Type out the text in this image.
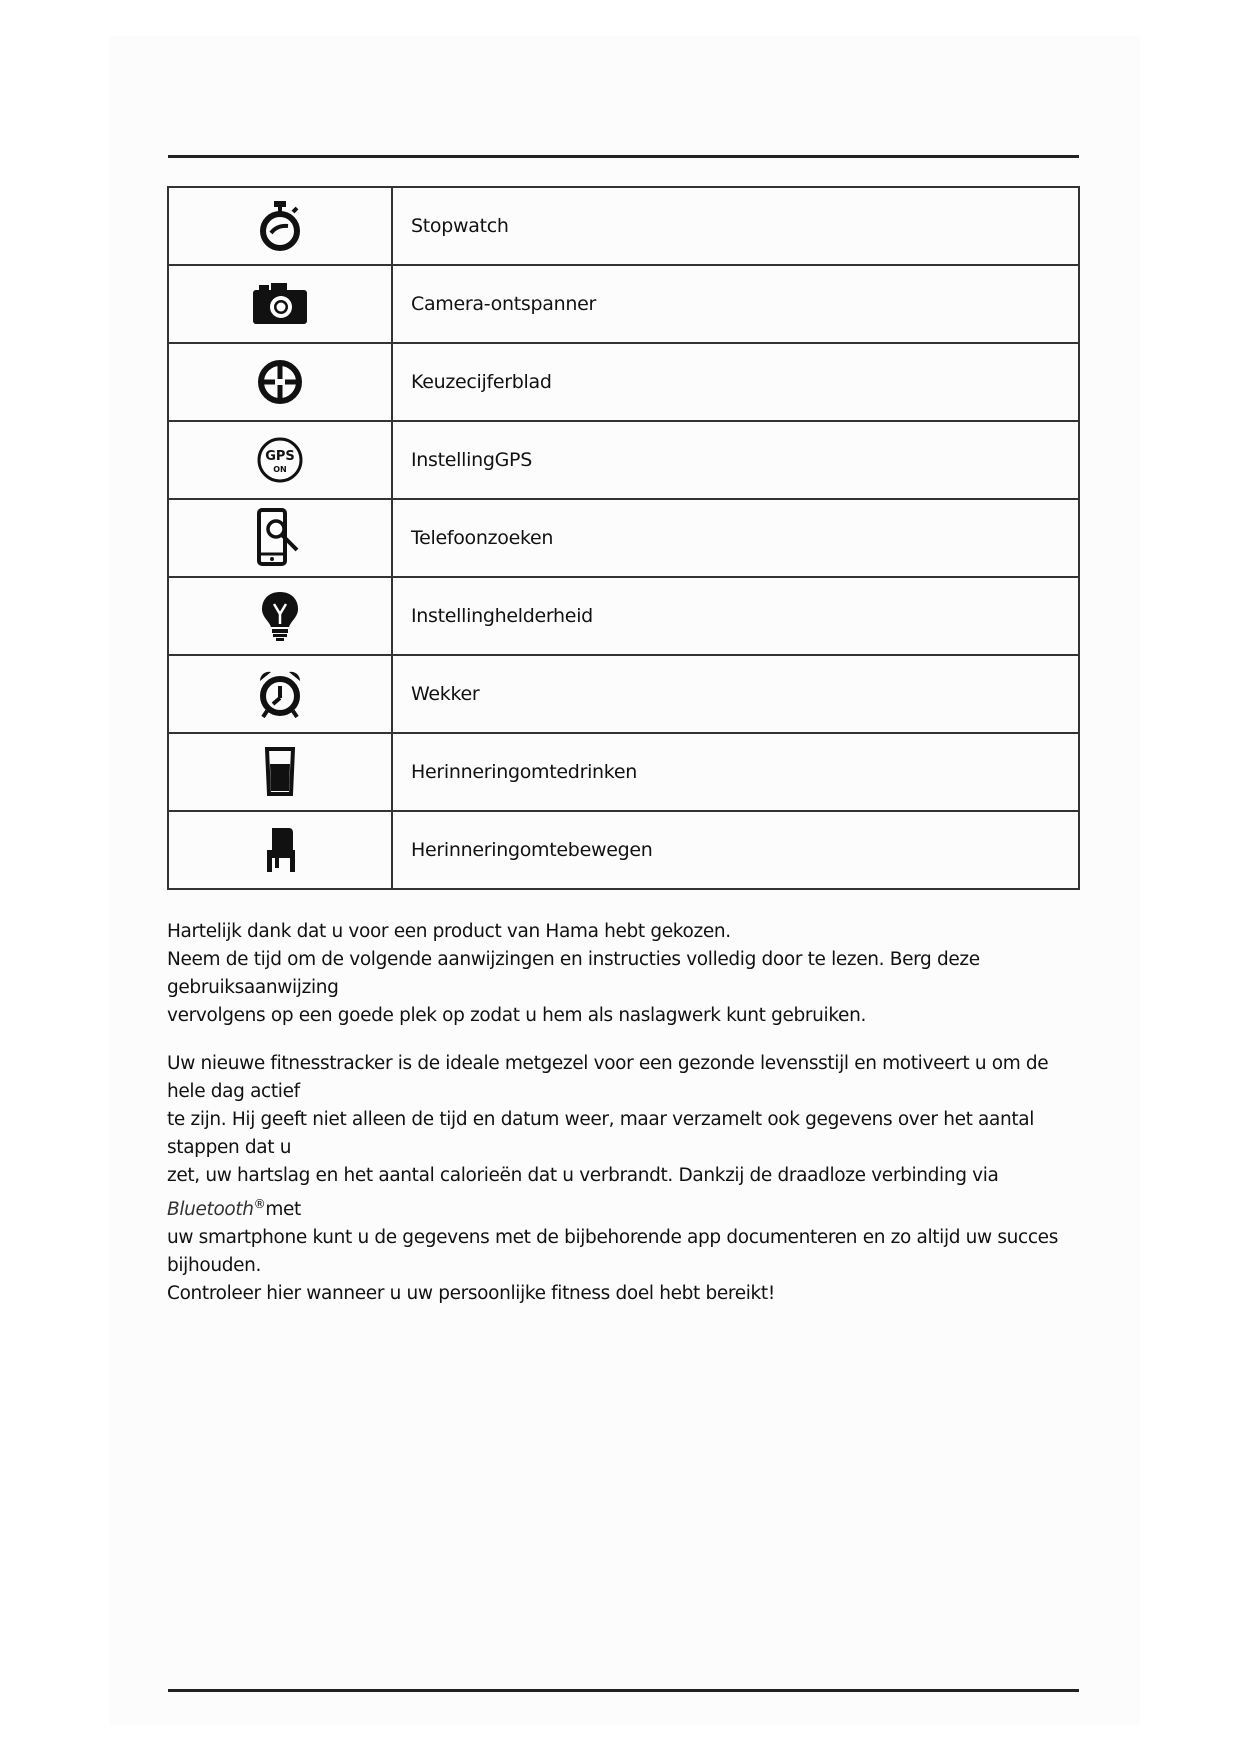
	Stopwatch
	Camera-ontspanner
	Keuzecijferblad

GPS
ON	InstellingGPS
	Telefoonzoeken
	Instellinghelderheid
	Wekker
	Herinneringomtedrinken
	Herinneringomtebewegen

Hartelijk dank dat u voor een product van Hama hebt gekozen.
Neem de tijd om de volgende aanwijzingen en instructies volledig door te lezen. Berg deze gebruiksaanwijzing
vervolgens op een goede plek op zodat u hem als naslagwerk kunt gebruiken.

Uw nieuwe fitnesstracker is de ideale metgezel voor een gezonde levensstijl en motiveert u om de hele dag actief
te zijn. Hij geeft niet alleen de tijd en datum weer, maar verzamelt ook gegevens over het aantal stappen dat u
zet, uw hartslag en het aantal calorieën dat u verbrandt. Dankzij de draadloze verbinding via Bluetooth®met
uw smartphone kunt u de gegevens met de bijbehorende app documenteren en zo altijd uw succes bijhouden.
Controleer hier wanneer u uw persoonlijke fitness doel hebt bereikt!
